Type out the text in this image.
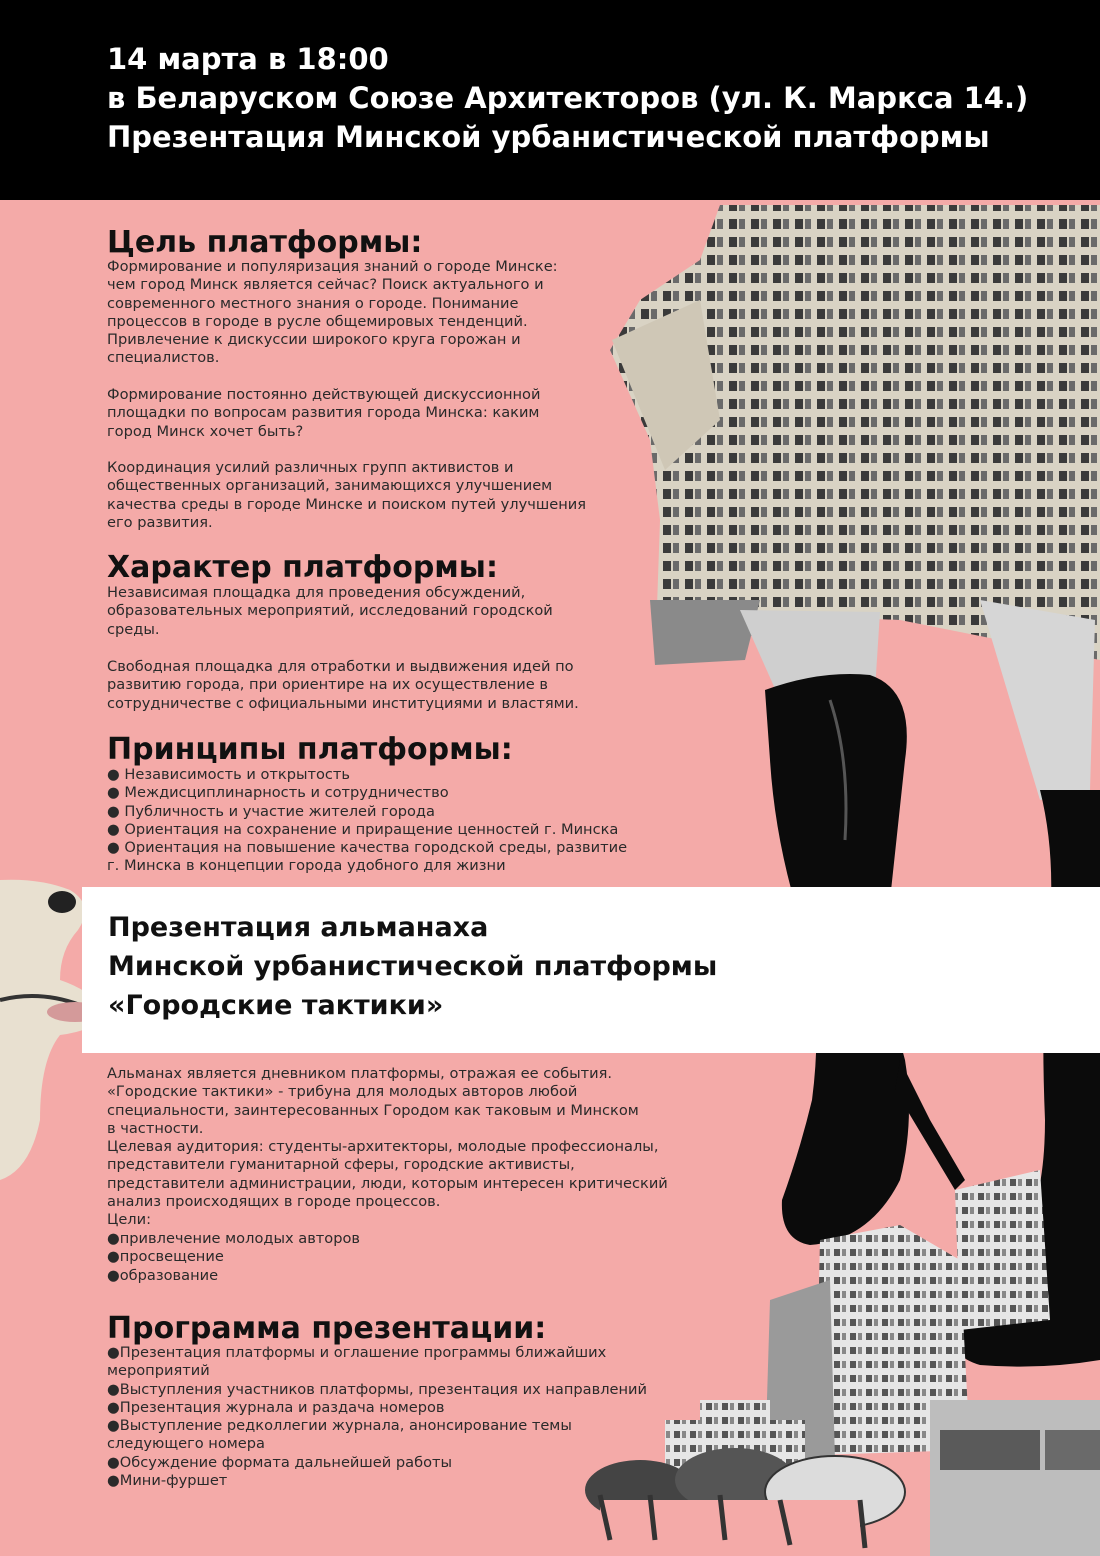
14 марта в 18:00
в Беларуском Союзе Архитекторов (ул. К. Маркса 14.)
Презентация Минской урбанистической платформы
Цель платформы:
Формирование и популяризация знаний о городе Минске:
чем город Минск является сейчас? Поиск актуального и
современного местного знания о городе. Понимание
процессов в городе в русле общемировых тенденций.
Привлечение к дискуссии широкого круга горожан и
специалистов.
Формирование постоянно действующей дискуссионной
площадки по вопросам развития города Минска: каким
город Минск хочет быть?
Координация усилий различных групп активистов и
общественных организаций, занимающихся улучшением
качества среды в городе Минске и поиском путей улучшения
его развития.
Характер платформы:
Независимая площадка для проведения обсуждений,
образовательных мероприятий, исследований городской
среды.
Свободная площадка для отработки и выдвижения идей по
развитию города, при ориентире на их осуществление в
сотрудничестве с официальными институциями и властями.
Принципы платформы:
● Независимость и открытость
● Междисциплинарность и сотрудничество
● Публичность и участие жителей города
● Ориентация на сохранение и приращение ценностей г. Минска
● Ориентация на повышение качества городской среды, развитие
г. Минска в концепции города удобного для жизни
Презентация альманаха
Минской урбанистической платформы
«Городские тактики»
Альманах является дневником платформы, отражая ее события.
«Городские тактики» - трибуна для молодых авторов любой
специальности, заинтересованных Городом как таковым и Минском
в частности.
Целевая аудитория: студенты-архитекторы, молодые профессионалы,
представители гуманитарной сферы, городские активисты,
представители администрации, люди, которым интересен критический
анализ происходящих в городе процессов.
Цели:
●привлечение молодых авторов
●просвещение
●образование
Программа презентации:
●Презентация платформы и оглашение программы ближайших
мероприятий
●Выступления участников платформы, презентация их направлений
●Презентация журнала и раздача номеров
●Выступление редколлегии журнала, анонсирование темы
следующего номера
●Обсуждение формата дальнейшей работы
●Мини-фуршет
